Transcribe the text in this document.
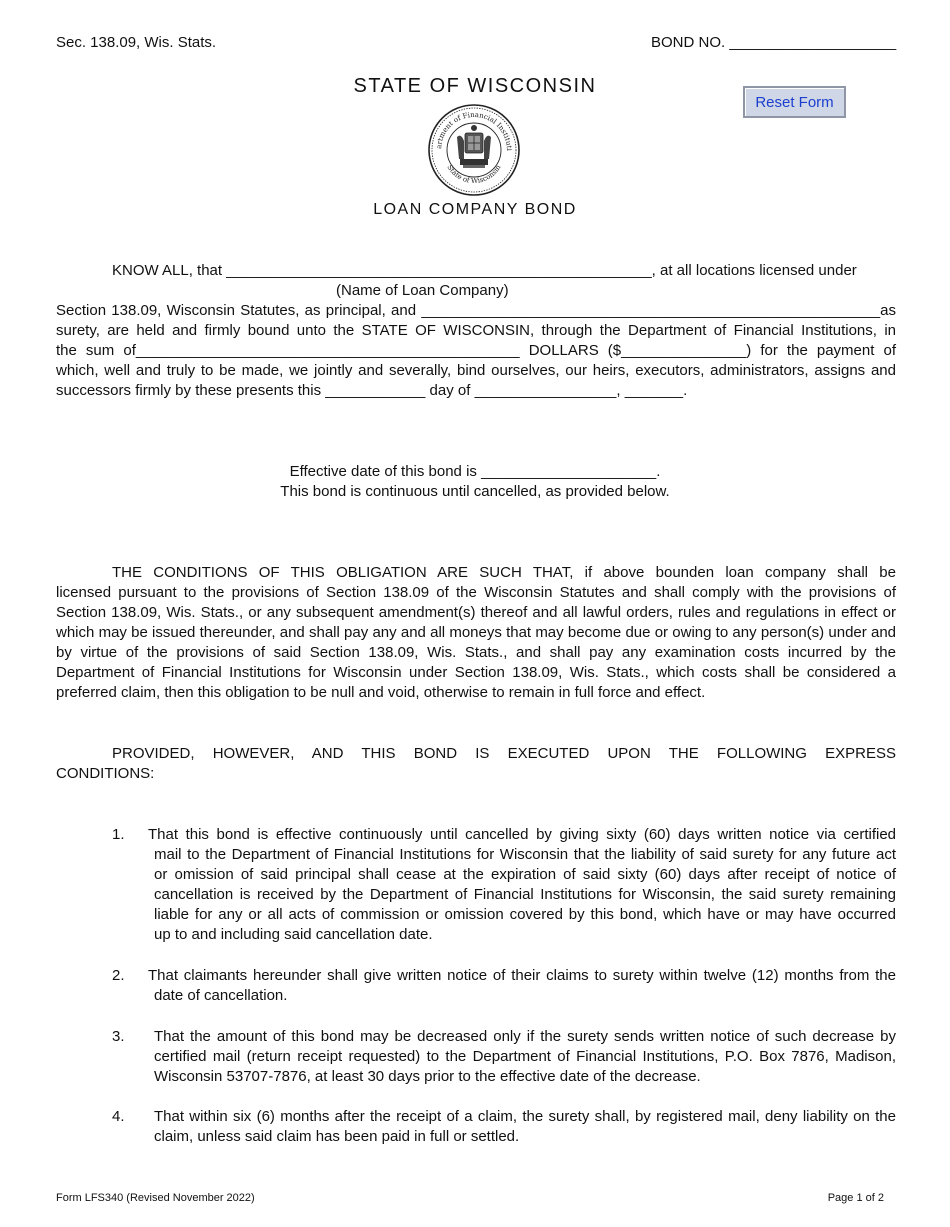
Sec. 138.09, Wis. Stats.	BOND NO. ____________________
STATE OF WISCONSIN
Reset Form
artment of Financial Instituti
State of Wisconsin
LOAN COMPANY BOND
KNOW ALL, that ___________________________________________________, at all locations licensed under
(Name of Loan Company)
Section 138.09, Wisconsin Statutes, as principal, and _______________________________________________________as
surety, are held and firmly bound unto the STATE OF WISCONSIN, through the Department of Financial Institutions, in
the sum of______________________________________________ DOLLARS ($_______________) for the payment of
which, well and truly to be made, we jointly and severally, bind ourselves, our heirs, executors, administrators, assigns and
successors firmly by these presents this ____________ day of _________________, _______.
Effective date of this bond is _____________________.
This bond is continuous until cancelled, as provided below.
THE CONDITIONS OF THIS OBLIGATION ARE SUCH THAT, if above bounden loan company shall be
licensed pursuant to the provisions of Section 138.09 of the Wisconsin Statutes and shall comply with the provisions of
Section 138.09, Wis. Stats., or any subsequent amendment(s) thereof and all lawful orders, rules and regulations in effect or
which may be issued thereunder, and shall pay any and all moneys that may become due or owing to any person(s) under and
by virtue of the provisions of said Section 138.09, Wis. Stats., and shall pay any examination costs incurred by the
Department of Financial Institutions for Wisconsin under Section 138.09, Wis. Stats., which costs shall be considered a
preferred claim, then this obligation to be null and void, otherwise to remain in full force and effect.
PROVIDED, HOWEVER, AND THIS BOND IS EXECUTED UPON THE FOLLOWING EXPRESS
CONDITIONS:
1. That this bond is effective continuously until cancelled by giving sixty (60) days written notice via certified
mail to the Department of Financial Institutions for Wisconsin that the liability of said surety for any future act
or omission of said principal shall cease at the expiration of said sixty (60) days after receipt of notice of
cancellation is received by the Department of Financial Institutions for Wisconsin, the said surety remaining
liable for any or all acts of commission or omission covered by this bond, which have or may have occurred
up to and including said cancellation date.
2. That claimants hereunder shall give written notice of their claims to surety within twelve (12) months from the
date of cancellation.
3. That the amount of this bond may be decreased only if the surety sends written notice of such decrease by
certified mail (return receipt requested) to the Department of Financial Institutions, P.O. Box 7876, Madison,
Wisconsin 53707-7876, at least 30 days prior to the effective date of the decrease.
4. That within six (6) months after the receipt of a claim, the surety shall, by registered mail, deny liability on the
claim, unless said claim has been paid in full or settled.
Form LFS340 (Revised November 2022)	Page 1 of 2
